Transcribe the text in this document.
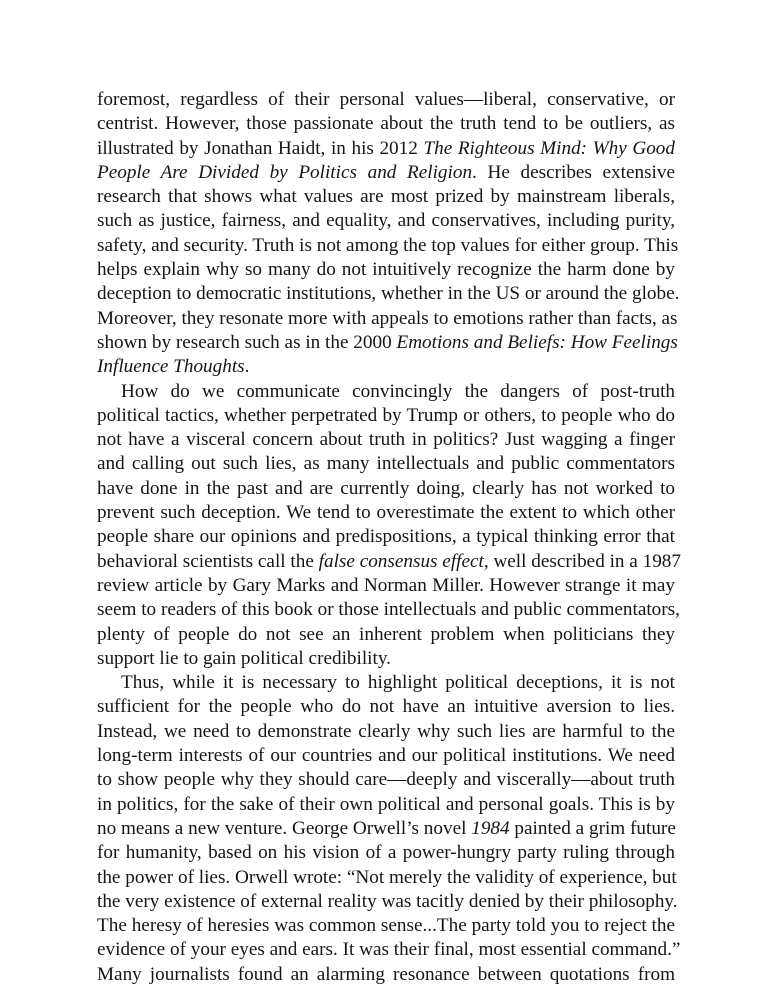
foremost, regardless of their personal values—liberal, conservative, or
centrist. However, those passionate about the truth tend to be outliers, as
illustrated by Jonathan Haidt, in his 2012 The Righteous Mind: Why Good
People Are Divided by Politics and Religion. He describes extensive
research that shows what values are most prized by mainstream liberals,
such as justice, fairness, and equality, and conservatives, including purity,
safety, and security. Truth is not among the top values for either group. This
helps explain why so many do not intuitively recognize the harm done by
deception to democratic institutions, whether in the US or around the globe.
Moreover, they resonate more with appeals to emotions rather than facts, as
shown by research such as in the 2000 Emotions and Beliefs: How Feelings
Influence Thoughts.
How do we communicate convincingly the dangers of post-truth
political tactics, whether perpetrated by Trump or others, to people who do
not have a visceral concern about truth in politics? Just wagging a finger
and calling out such lies, as many intellectuals and public commentators
have done in the past and are currently doing, clearly has not worked to
prevent such deception. We tend to overestimate the extent to which other
people share our opinions and predispositions, a typical thinking error that
behavioral scientists call the false consensus effect, well described in a 1987
review article by Gary Marks and Norman Miller. However strange it may
seem to readers of this book or those intellectuals and public commentators,
plenty of people do not see an inherent problem when politicians they
support lie to gain political credibility.
Thus, while it is necessary to highlight political deceptions, it is not
sufficient for the people who do not have an intuitive aversion to lies.
Instead, we need to demonstrate clearly why such lies are harmful to the
long-term interests of our countries and our political institutions. We need
to show people why they should care—deeply and viscerally—about truth
in politics, for the sake of their own political and personal goals. This is by
no means a new venture. George Orwell’s novel 1984 painted a grim future
for humanity, based on his vision of a power-hungry party ruling through
the power of lies. Orwell wrote: “Not merely the validity of experience, but
the very existence of external reality was tacitly denied by their philosophy.
The heresy of heresies was common sense...The party told you to reject the
evidence of your eyes and ears. It was their final, most essential command.”
Many journalists found an alarming resonance between quotations from
